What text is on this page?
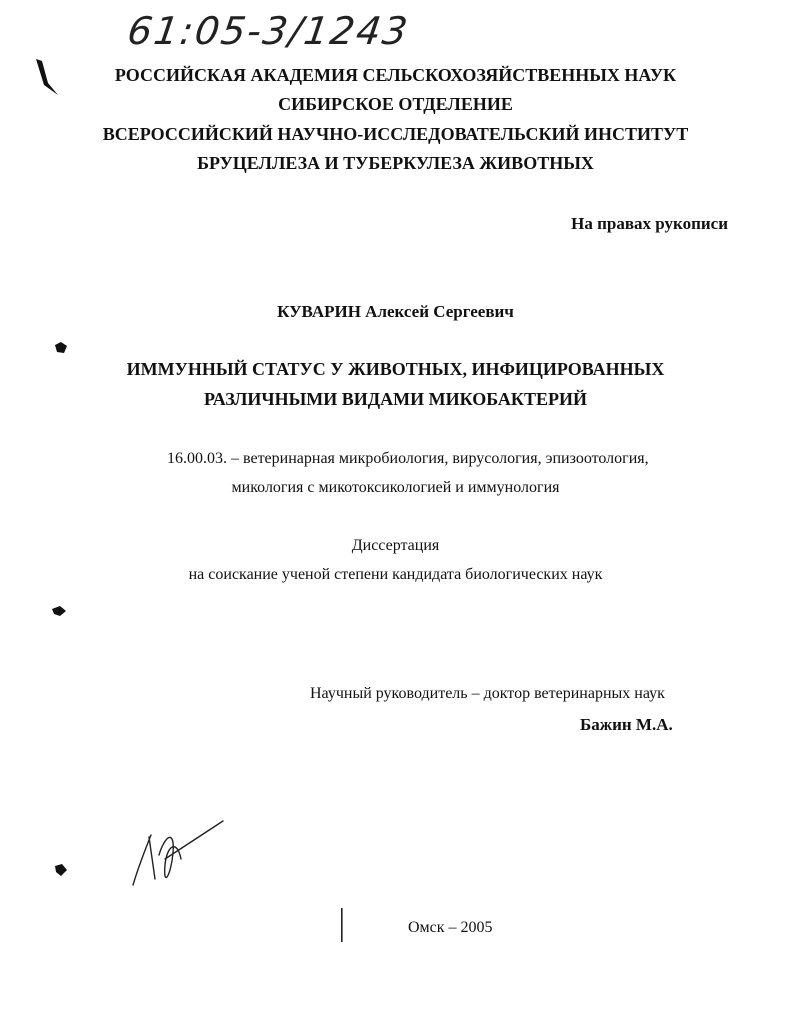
61:05-3/1243
РОССИЙСКАЯ АКАДЕМИЯ СЕЛЬСКОХОЗЯЙСТВЕННЫХ НАУК
СИБИРСКОЕ ОТДЕЛЕНИЕ
ВСЕРОССИЙСКИЙ НАУЧНО-ИССЛЕДОВАТЕЛЬСКИЙ ИНСТИТУТ
БРУЦЕЛЛЕЗА И ТУБЕРКУЛЕЗА ЖИВОТНЫХ
На правах рукописи
КУВАРИН Алексей Сергеевич
ИММУННЫЙ СТАТУС У ЖИВОТНЫХ, ИНФИЦИРОВАННЫХ
РАЗЛИЧНЫМИ ВИДАМИ МИКОБАКТЕРИЙ
16.00.03. – ветеринарная микробиология, вирусология, эпизоотология,
микология с микотоксикологией и иммунология
Диссертация
на соискание ученой степени кандидата биологических наук
Научный руководитель – доктор ветеринарных наук
Бажин М.А.
Омск – 2005
